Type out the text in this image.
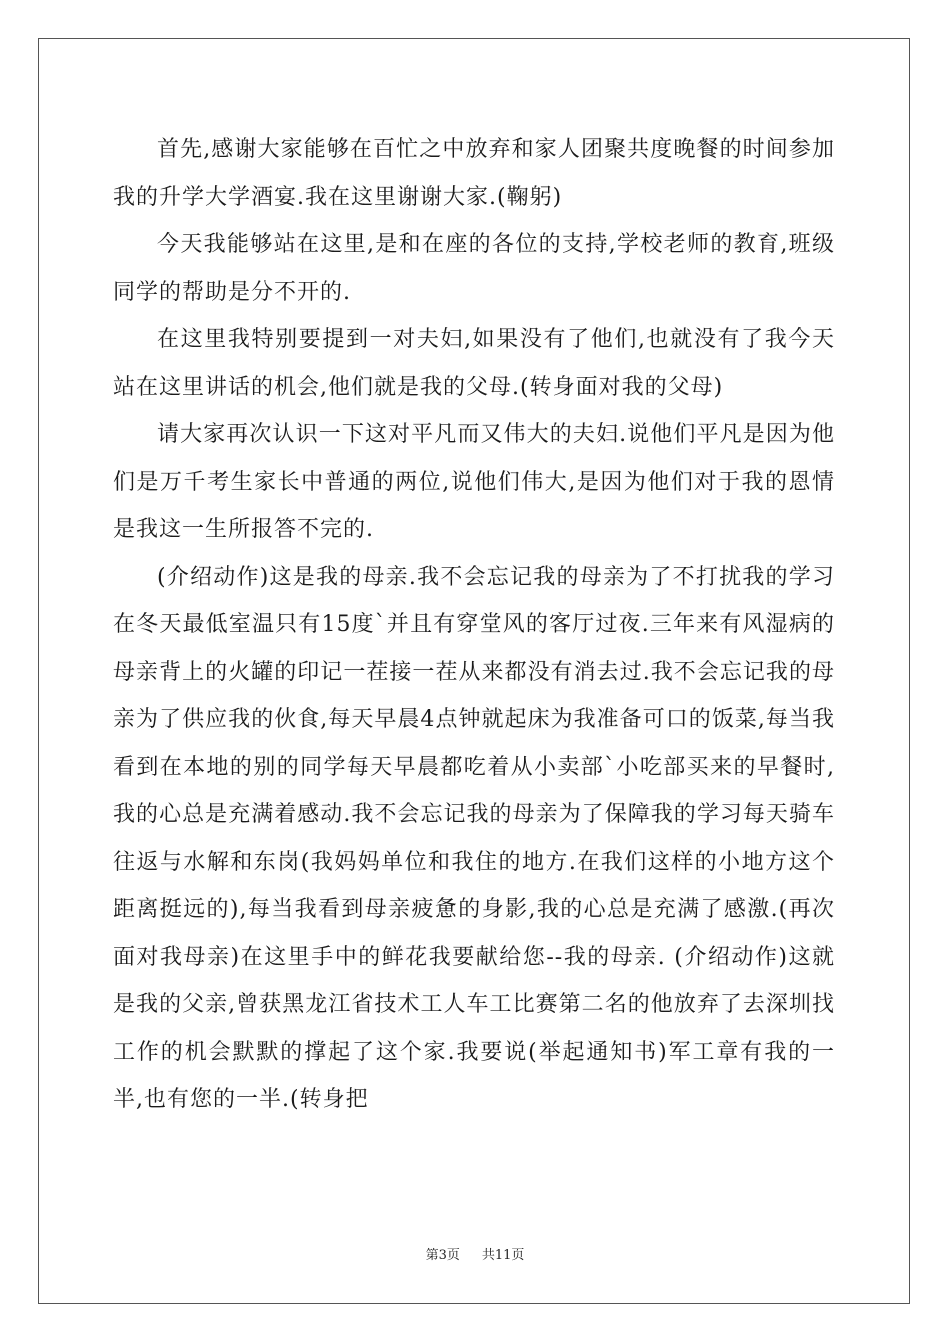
首先,感谢大家能够在百忙之中放弃和家人团聚共度晚餐的时间参加我的升学大学酒宴.我在这里谢谢大家.(鞠躬)

今天我能够站在这里,是和在座的各位的支持,学校老师的教育,班级同学的帮助是分不开的.

在这里我特别要提到一对夫妇,如果没有了他们,也就没有了我今天站在这里讲话的机会,他们就是我的父母.(转身面对我的父母)

请大家再次认识一下这对平凡而又伟大的夫妇.说他们平凡是因为他们是万千考生家长中普通的两位,说他们伟大,是因为他们对于我的恩情是我这一生所报答不完的.

(介绍动作)这是我的母亲.我不会忘记我的母亲为了不打扰我的学习在冬天最低室温只有15度`并且有穿堂风的客厅过夜.三年来有风湿病的母亲背上的火罐的印记一茬接一茬从来都没有消去过.我不会忘记我的母亲为了供应我的伙食,每天早晨4点钟就起床为我准备可口的饭菜,每当我看到在本地的别的同学每天早晨都吃着从小卖部`小吃部买来的早餐时,我的心总是充满着感动.我不会忘记我的母亲为了保障我的学习每天骑车往返与水解和东岗(我妈妈单位和我住的地方.在我们这样的小地方这个距离挺远的),每当我看到母亲疲惫的身影,我的心总是充满了感激.(再次面对我母亲)在这里手中的鲜花我要献给您--我的母亲. (介绍动作)这就是我的父亲,曾获黑龙江省技术工人车工比赛第二名的他放弃了去深圳找工作的机会默默的撑起了这个家.我要说(举起通知书)军工章有我的一半,也有您的一半.(转身把

第3页 共11页
